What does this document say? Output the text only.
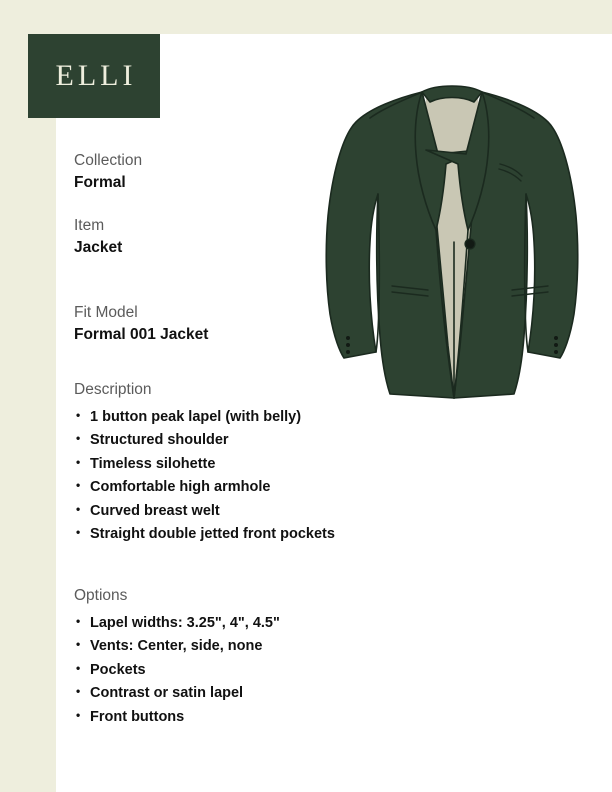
ELLI
Collection
Formal
Item
Jacket
Fit Model
Formal 001 Jacket
Description
• 1 button peak lapel (with belly)
• Structured shoulder
• Timeless silohette
• Comfortable high armhole
• Curved breast welt
• Straight double jetted front pockets
Options
• Lapel widths: 3.25", 4", 4.5"
• Vents: Center, side, none
• Pockets
• Contrast or satin lapel
• Front buttons
